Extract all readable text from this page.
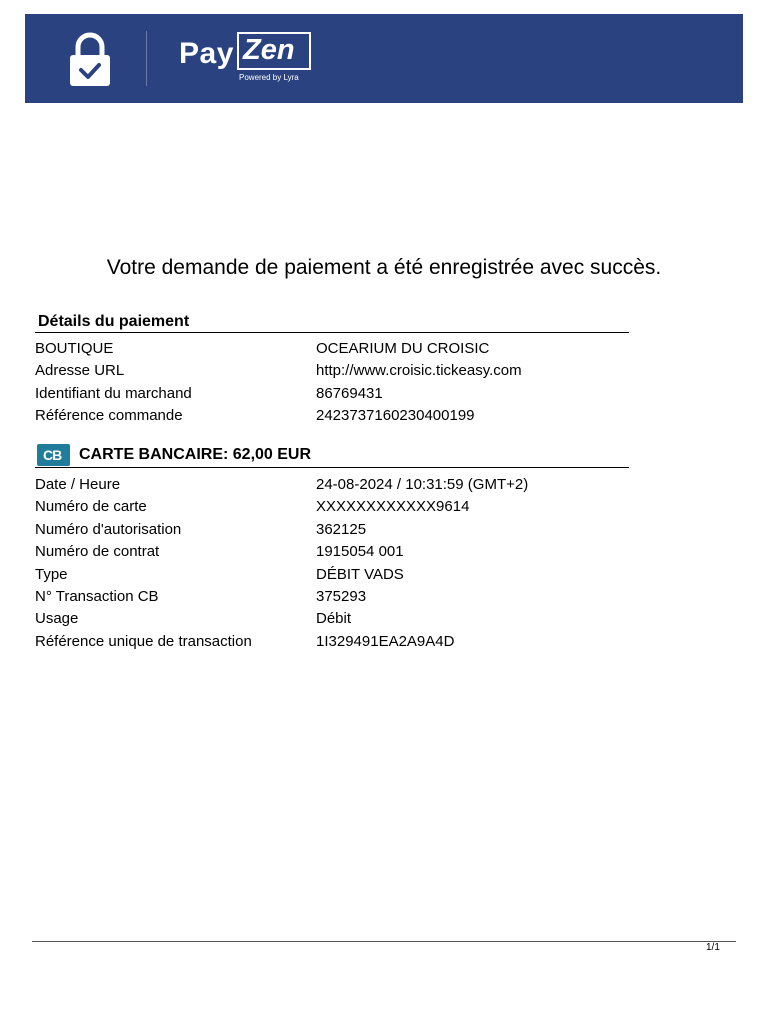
Pay Zen
Powered by Lyra
Votre demande de paiement a été enregistrée avec succès.
Détails du paiement
BOUTIQUE	OCEARIUM DU CROISIC
Adresse URL	http://www.croisic.tickeasy.com
Identifiant du marchand	86769431
Référence commande	2423737160230400199
CB CARTE BANCAIRE: 62,00 EUR
Date / Heure	24-08-2024 / 10:31:59 (GMT+2)
Numéro de carte	XXXXXXXXXXXX9614
Numéro d'autorisation	362125
Numéro de contrat	1915054 001
Type	DÉBIT VADS
N° Transaction CB	375293
Usage	Débit
Référence unique de transaction	1I329491EA2A9A4D
1/1
